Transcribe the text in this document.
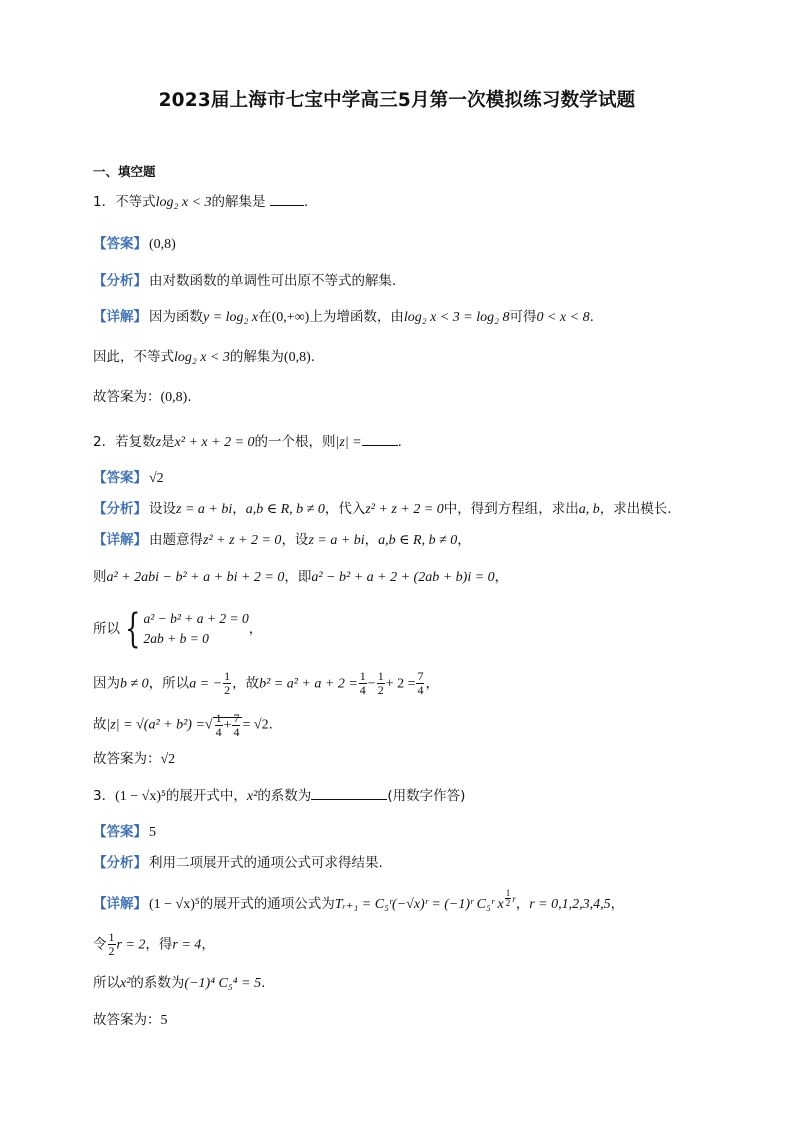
2023届上海市七宝中学高三5月第一次模拟练习数学试题
一、填空题
1．不等式log₂ x < 3的解集是	.
【答案】 (0,8)
【分析】 由对数函数的单调性可出原不等式的解集.
【详解】 因为函数y = log₂ x在(0,+∞)上为增函数，由log₂ x < 3 = log₂ 8可得0 < x < 8.
因此，不等式log₂ x < 3的解集为(0,8).
故答案为：(0,8).
2．若复数z是x² + x + 2 = 0的一个根，则|z| =	.
【答案】 √2
【分析】 设设z = a + bi，a,b ∈ R, b ≠ 0，代入z² + z + 2 = 0中，得到方程组，求出a, b，求出模长.
【详解】 由题意得z² + z + 2 = 0，设z = a + bi，a,b ∈ R, b ≠ 0，
则a² + 2abi − b² + a + bi + 2 = 0，即a² − b² + a + 2 + (2ab + b)i = 0，
所以 { a² − b² + a + 2 = 0
2ab + b = 0
，
因为b ≠ 0，所以a = − $\frac{1}{2}$ ，故$b^2 = a^2 + a + 2 = \frac{1}{4} - \frac{1}{2} + 2 = \frac{7}{4}$ ，
故|z| = √(a² + b²) =√ $\frac{1}{4} + \frac{7}{4} = √2$.
故答案为：√2
3．(1 − √x)⁵的展开式中，x²的系数为	(用数字作答)
【答案】 5
【分析】 利用二项展开式的通项公式可求得结果.
【详解】 (1 − √x)⁵的展开式的通项公式为Tᵣ₊₁ = C₅ʳ(−√x)ʳ = (−1)ʳ C₅ʳ x $^{\frac{1}{2} r}$，r = 0,1,2,3,4,5，
令 $\frac{1}{2}$ r = 2，得r = 4，
所以x²的系数为(−1)⁴ C₅⁴ = 5.
故答案为：5
